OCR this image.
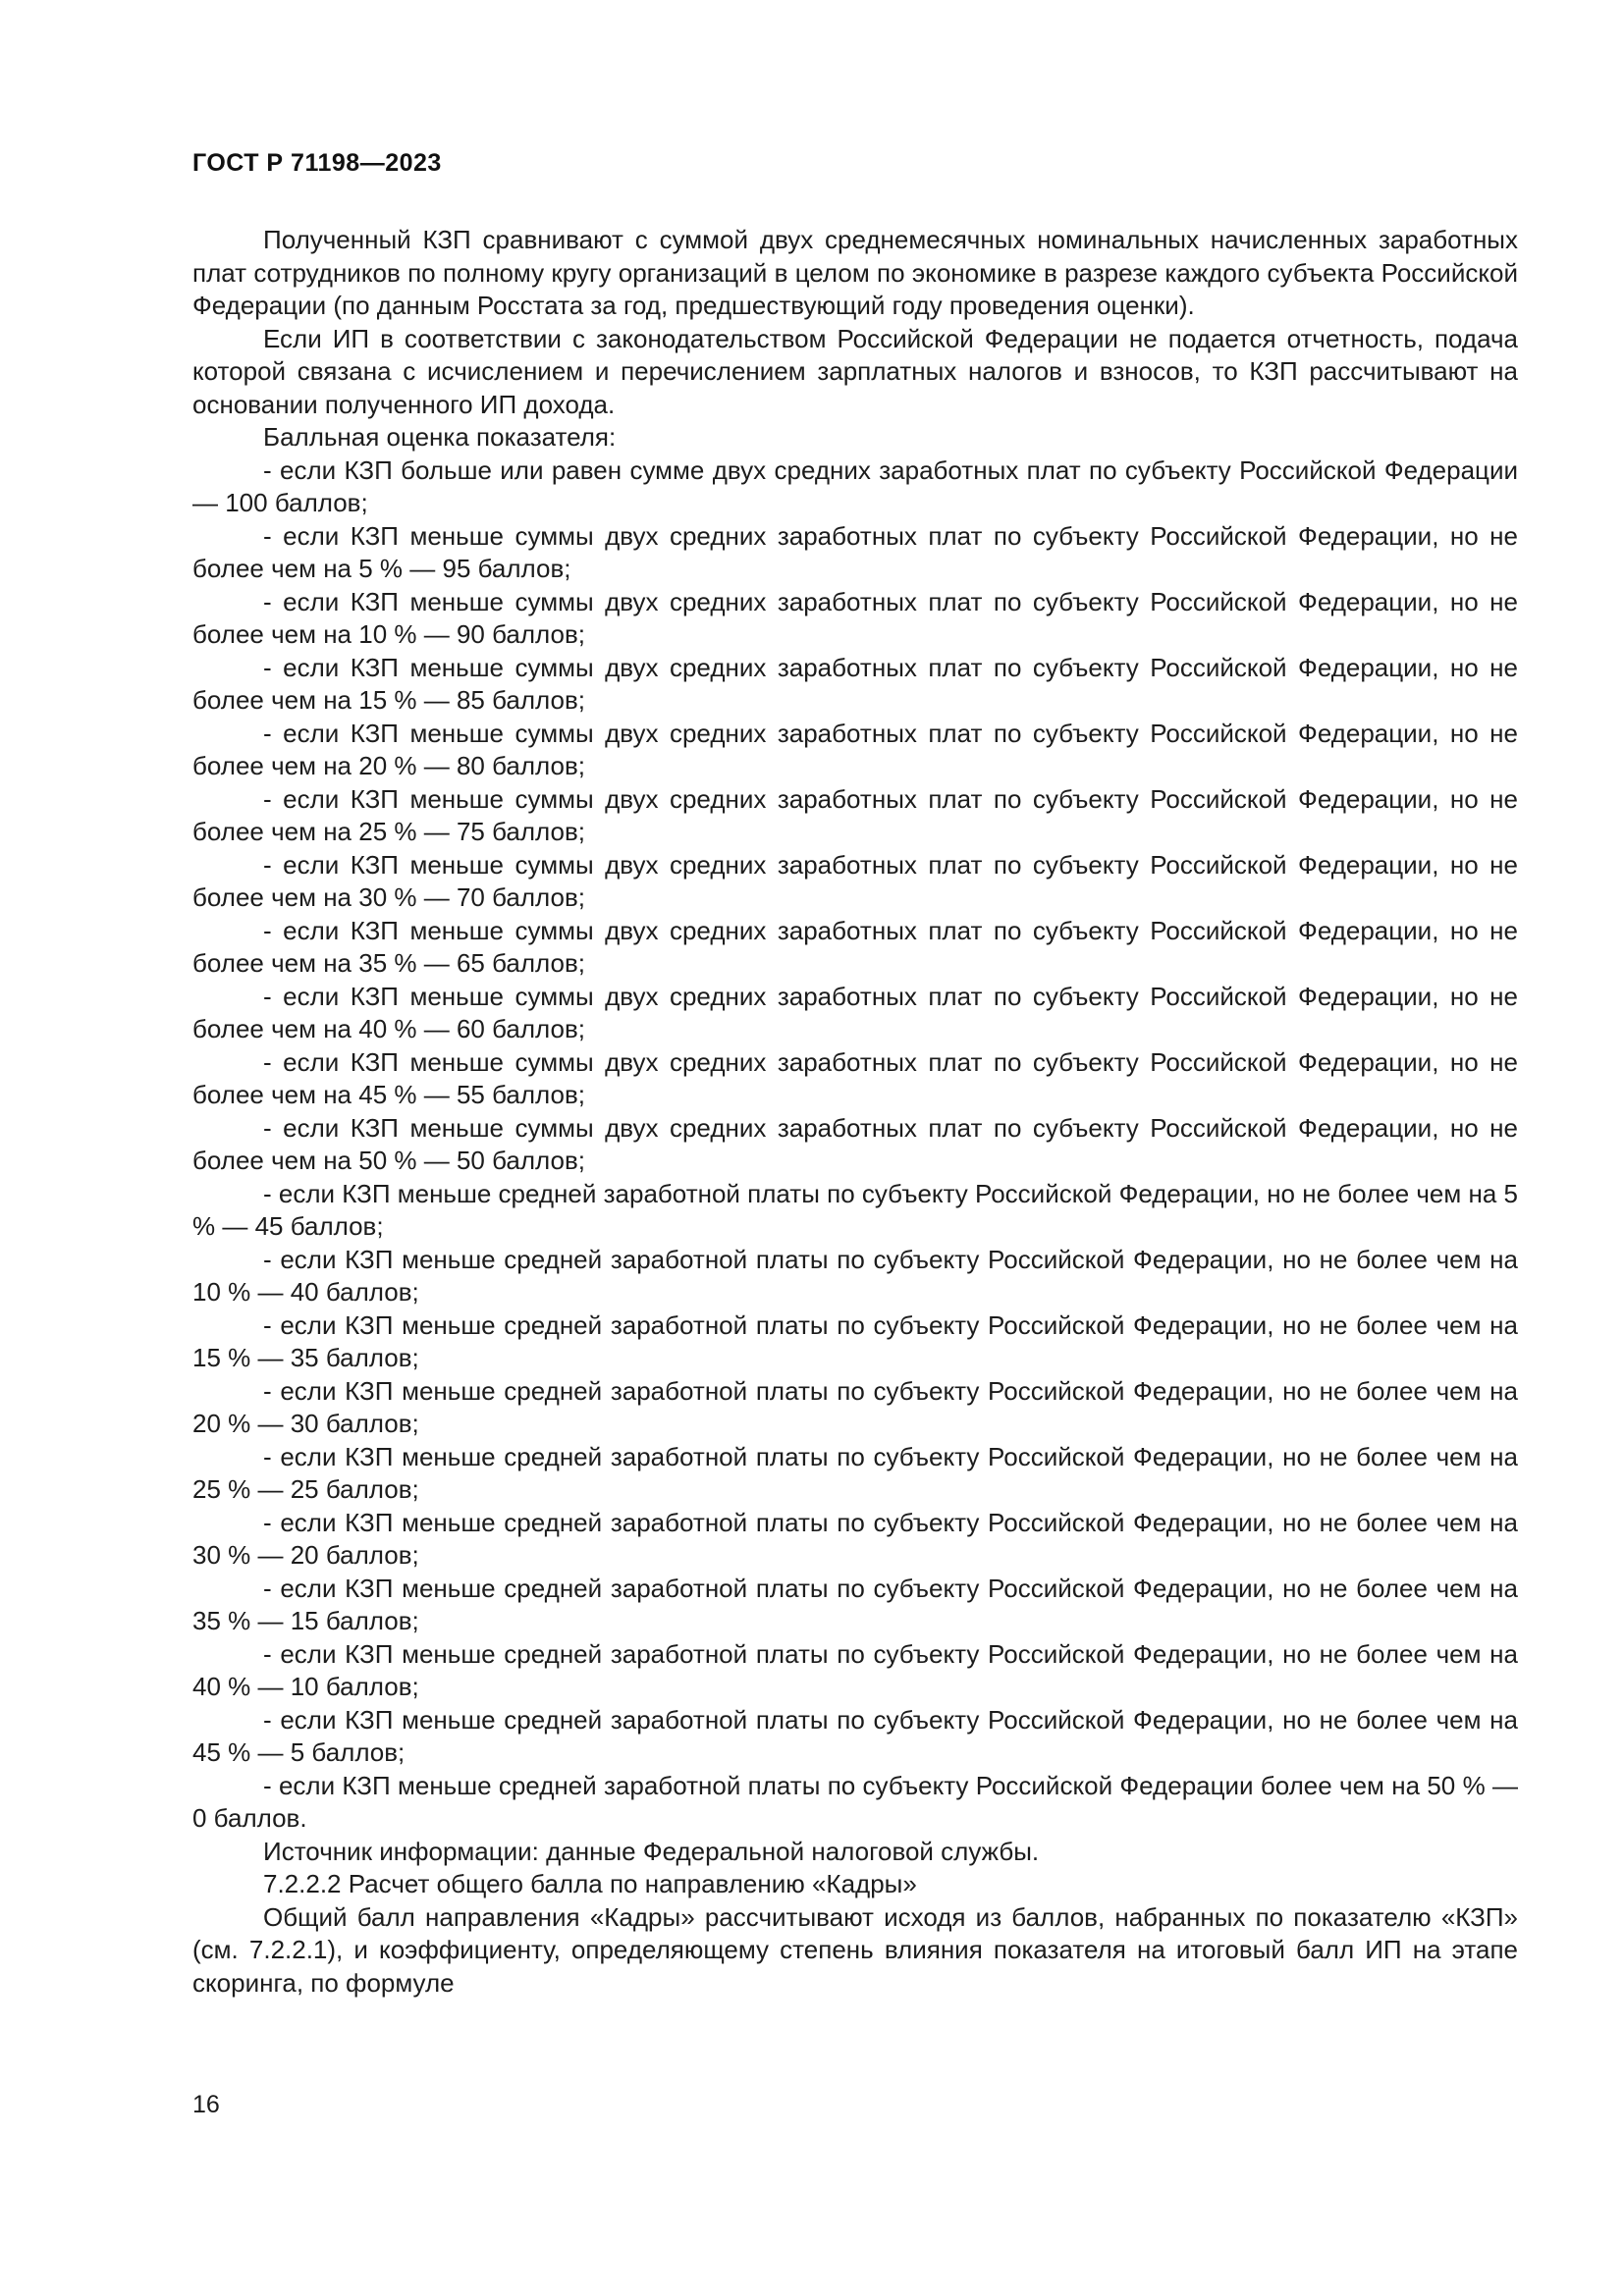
ГОСТ Р 71198—2023

Полученный КЗП сравнивают с суммой двух среднемесячных номинальных начисленных заработных плат сотрудников по полному кругу организаций в целом по экономике в разрезе каждого субъекта Российской Федерации (по данным Росстата за год, предшествующий году проведения оценки).

Если ИП в соответствии с законодательством Российской Федерации не подается отчетность, подача которой связана с исчислением и перечислением зарплатных налогов и взносов, то КЗП рассчитывают на основании полученного ИП дохода.

Балльная оценка показателя:

- если КЗП больше или равен сумме двух средних заработных плат по субъекту Российской Федерации — 100 баллов;

- если КЗП меньше суммы двух средних заработных плат по субъекту Российской Федерации, но не более чем на 5 % — 95 баллов;

- если КЗП меньше суммы двух средних заработных плат по субъекту Российской Федерации, но не более чем на 10 % — 90 баллов;

- если КЗП меньше суммы двух средних заработных плат по субъекту Российской Федерации, но не более чем на 15 % — 85 баллов;

- если КЗП меньше суммы двух средних заработных плат по субъекту Российской Федерации, но не более чем на 20 % — 80 баллов;

- если КЗП меньше суммы двух средних заработных плат по субъекту Российской Федерации, но не более чем на 25 % — 75 баллов;

- если КЗП меньше суммы двух средних заработных плат по субъекту Российской Федерации, но не более чем на 30 % — 70 баллов;

- если КЗП меньше суммы двух средних заработных плат по субъекту Российской Федерации, но не более чем на 35 % — 65 баллов;

- если КЗП меньше суммы двух средних заработных плат по субъекту Российской Федерации, но не более чем на 40 % — 60 баллов;

- если КЗП меньше суммы двух средних заработных плат по субъекту Российской Федерации, но не более чем на 45 % — 55 баллов;

- если КЗП меньше суммы двух средних заработных плат по субъекту Российской Федерации, но не более чем на 50 % — 50 баллов;

- если КЗП меньше средней заработной платы по субъекту Российской Федерации, но не более чем на 5 % — 45 баллов;

- если КЗП меньше средней заработной платы по субъекту Российской Федерации, но не более чем на 10 % — 40 баллов;

- если КЗП меньше средней заработной платы по субъекту Российской Федерации, но не более чем на 15 % — 35 баллов;

- если КЗП меньше средней заработной платы по субъекту Российской Федерации, но не более чем на 20 % — 30 баллов;

- если КЗП меньше средней заработной платы по субъекту Российской Федерации, но не более чем на 25 % — 25 баллов;

- если КЗП меньше средней заработной платы по субъекту Российской Федерации, но не более чем на 30 % — 20 баллов;

- если КЗП меньше средней заработной платы по субъекту Российской Федерации, но не более чем на 35 % — 15 баллов;

- если КЗП меньше средней заработной платы по субъекту Российской Федерации, но не более чем на 40 % — 10 баллов;

- если КЗП меньше средней заработной платы по субъекту Российской Федерации, но не более чем на 45 % — 5 баллов;

- если КЗП меньше средней заработной платы по субъекту Российской Федерации более чем на 50 % — 0 баллов.

Источник информации: данные Федеральной налоговой службы.

7.2.2.2 Расчет общего балла по направлению «Кадры»

Общий балл направления «Кадры» рассчитывают исходя из баллов, набранных по показателю «КЗП» (см. 7.2.2.1), и коэффициенту, определяющему степень влияния показателя на итоговый балл ИП на этапе скоринга, по формуле

16
